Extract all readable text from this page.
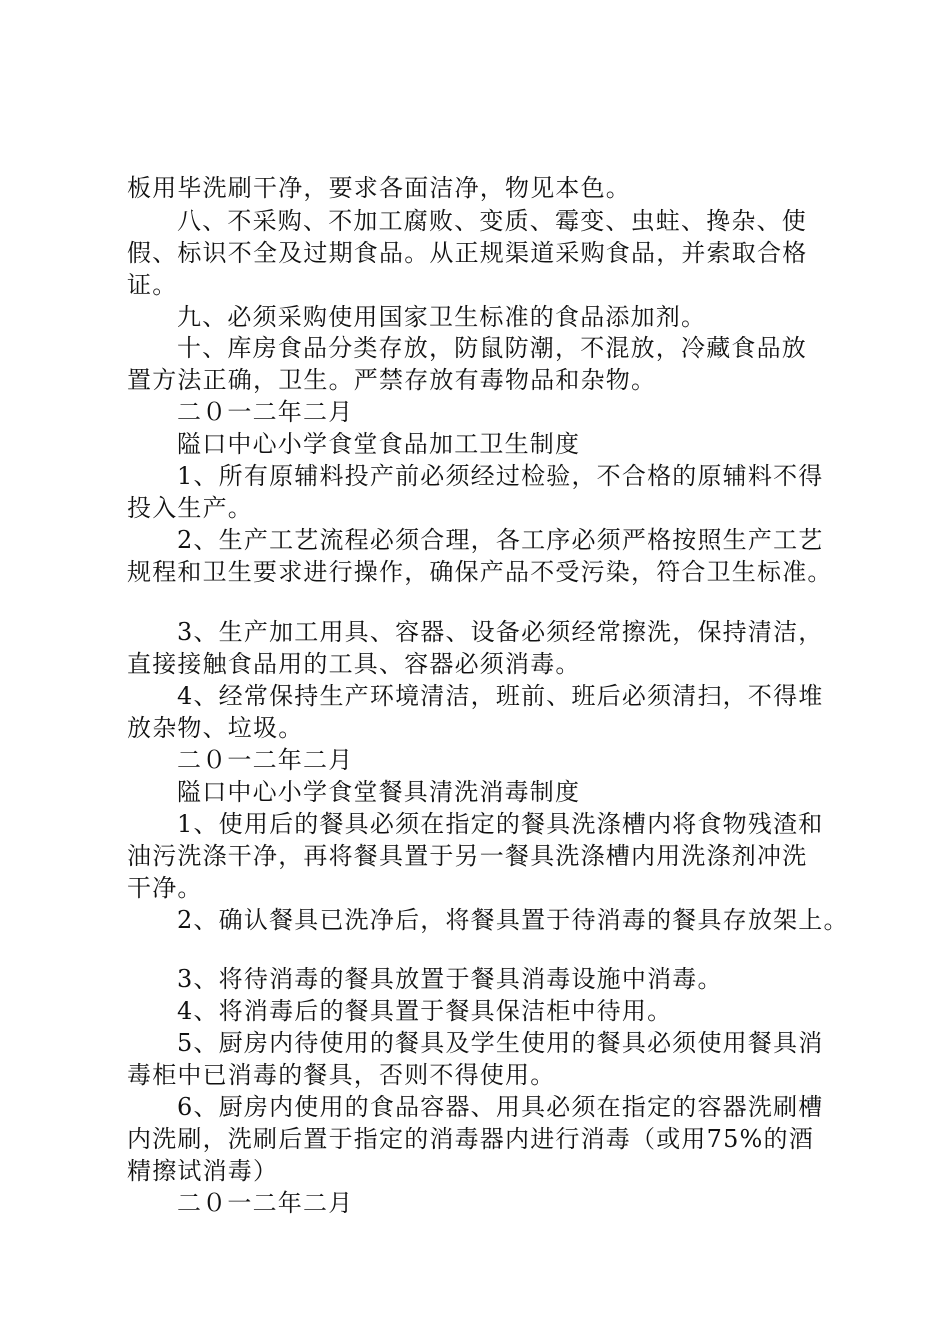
板用毕洗刷干净，要求各面洁净，物见本色。
八、不采购、不加工腐败、变质、霉变、虫蛀、搀杂、使
假、标识不全及过期食品。从正规渠道采购食品，并索取合格
证。
九、必须采购使用国家卫生标准的食品添加剂。
十、库房食品分类存放，防鼠防潮，不混放，冷藏食品放
置方法正确，卫生。严禁存放有毒物品和杂物。
二０一二年二月
隘口中心小学食堂食品加工卫生制度
1、所有原辅料投产前必须经过检验，不合格的原辅料不得
投入生产。
2、生产工艺流程必须合理，各工序必须严格按照生产工艺
规程和卫生要求进行操作，确保产品不受污染，符合卫生标准。
3、生产加工用具、容器、设备必须经常擦洗，保持清洁，
直接接触食品用的工具、容器必须消毒。
4、经常保持生产环境清洁，班前、班后必须清扫，不得堆
放杂物、垃圾。
二０一二年二月
隘口中心小学食堂餐具清洗消毒制度
1、使用后的餐具必须在指定的餐具洗涤槽内将食物残渣和
油污洗涤干净，再将餐具置于另一餐具洗涤槽内用洗涤剂冲洗
干净。
2、确认餐具已洗净后，将餐具置于待消毒的餐具存放架上。
3、将待消毒的餐具放置于餐具消毒设施中消毒。
4、将消毒后的餐具置于餐具保洁柜中待用。
5、厨房内待使用的餐具及学生使用的餐具必须使用餐具消
毒柜中已消毒的餐具，否则不得使用。
6、厨房内使用的食品容器、用具必须在指定的容器洗刷槽
内洗刷，洗刷后置于指定的消毒器内进行消毒（或用75%的酒
精擦试消毒）
二０一二年二月
